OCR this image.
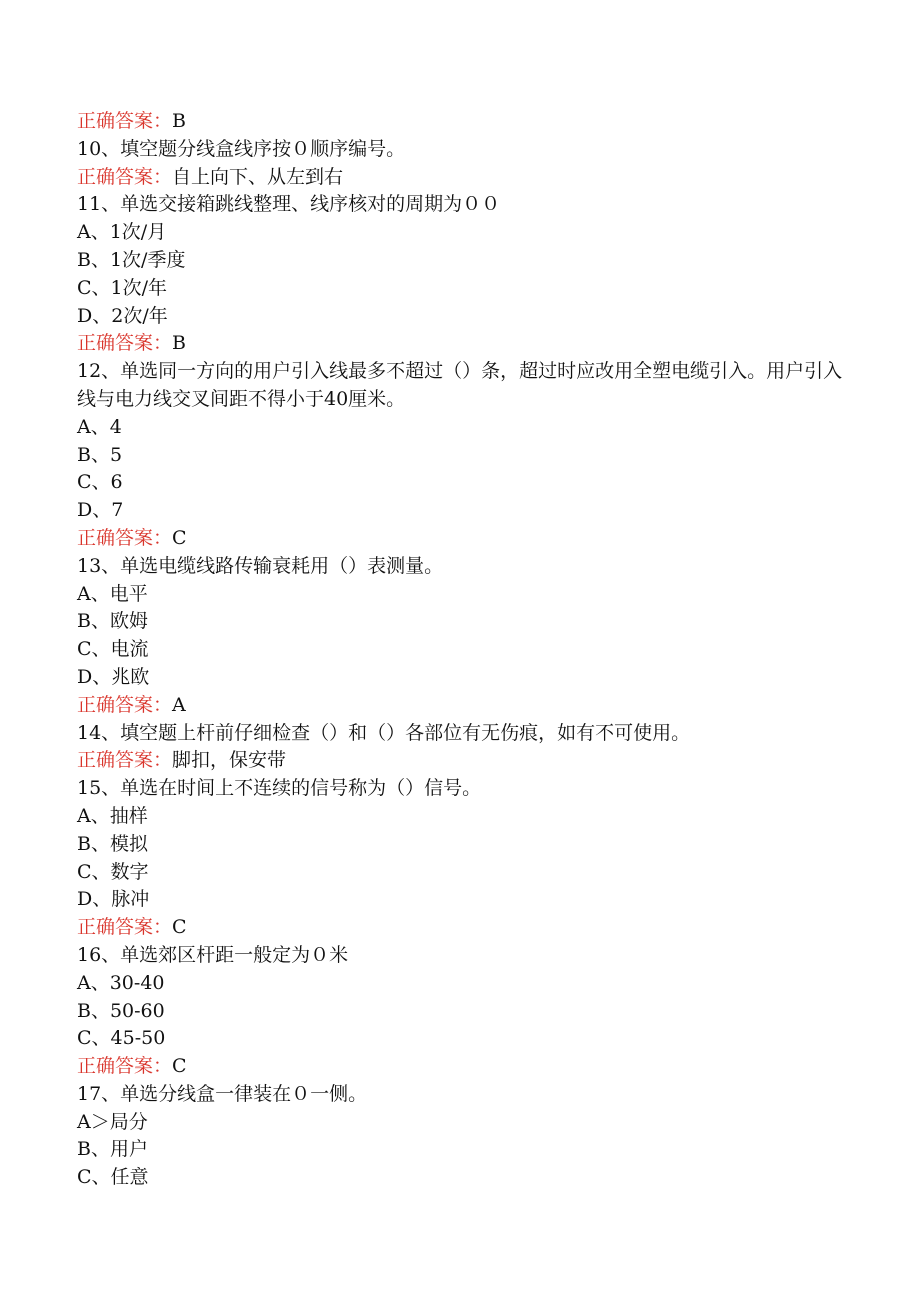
正确答案：B
10、填空题分线盒线序按０顺序编号。
正确答案：自上向下、从左到右
11、单选交接箱跳线整理、线序核对的周期为００
A、1次/月
B、1次/季度
C、1次/年
D、2次/年
正确答案：B
12、单选同一方向的用户引入线最多不超过（）条，超过时应改用全塑电缆引入。用户引入线与电力线交叉间距不得小于40厘米。
A、4
B、5
C、6
D、7
正确答案：C
13、单选电缆线路传输衰耗用（）表测量。
A、电平
B、欧姆
C、电流
D、兆欧
正确答案：A
14、填空题上杆前仔细检查（）和（）各部位有无伤痕，如有不可使用。
正确答案：脚扣，保安带
15、单选在时间上不连续的信号称为（）信号。
A、抽样
B、模拟
C、数字
D、脉冲
正确答案：C
16、单选郊区杆距一般定为０米
A、30-40
B、50-60
C、45-50
正确答案：C
17、单选分线盒一律装在０一侧。
A＞局分
B、用户
C、任意
